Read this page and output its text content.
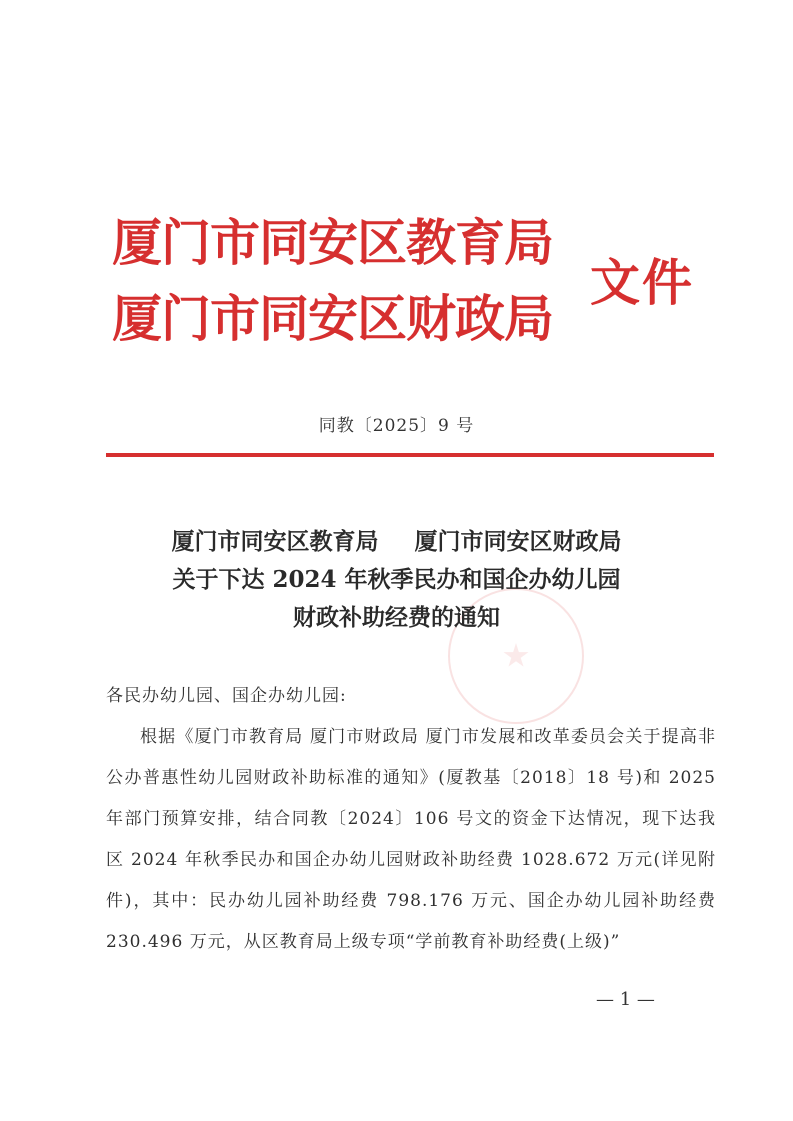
厦门市同安区教育局
厦门市同安区财政局
文件
同教〔2025〕9 号
厦门市同安区教育局 厦门市同安区财政局
关于下达 2024 年秋季民办和国企办幼儿园
财政补助经费的通知
各民办幼儿园、国企办幼儿园:
根据《厦门市教育局 厦门市财政局 厦门市发展和改革委员会关于提高非公办普惠性幼儿园财政补助标准的通知》(厦教基〔2018〕18 号)和 2025 年部门预算安排，结合同教〔2024〕106 号文的资金下达情况，现下达我区 2024 年秋季民办和国企办幼儿园财政补助经费 1028.672 万元(详见附件)，其中：民办幼儿园补助经费 798.176 万元、国企办幼儿园补助经费 230.496 万元，从区教育局上级专项“学前教育补助经费(上级)”
— 1 —
